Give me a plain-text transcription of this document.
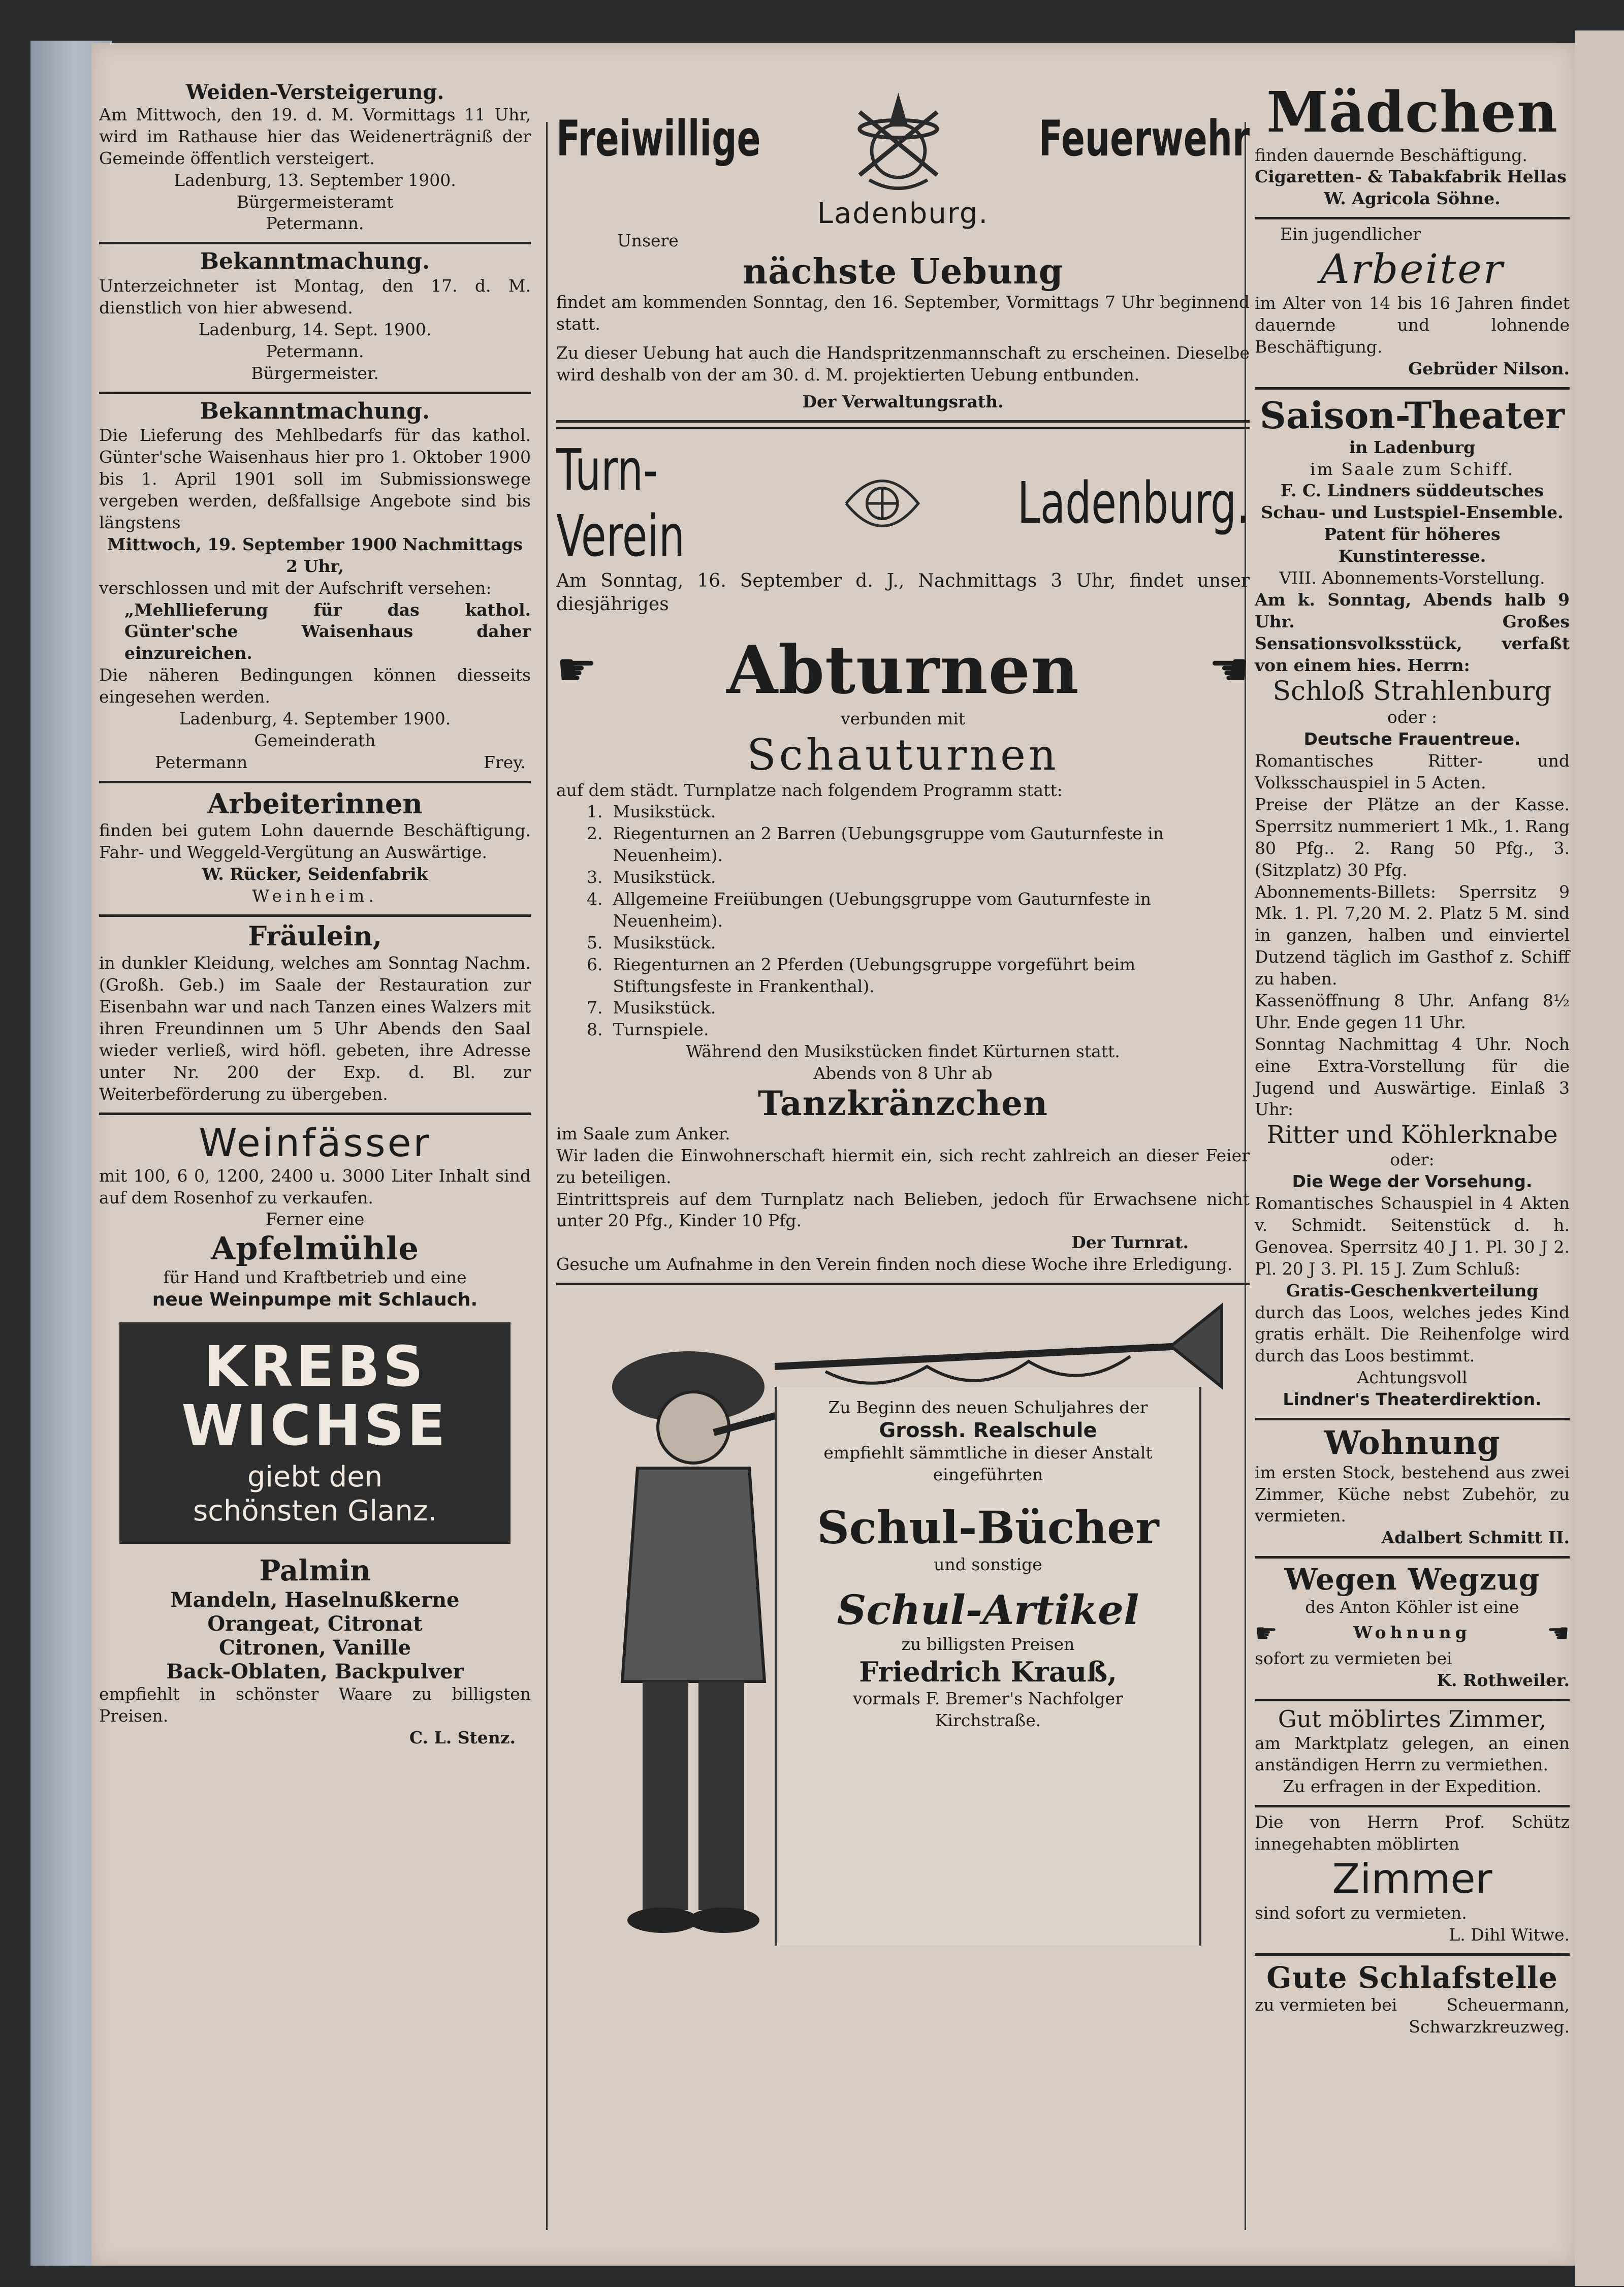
Weiden-Versteigerung.

Am Mittwoch, den 19. d. M. Vormittags 11 Uhr, wird im Rathause hier das Weidenerträgniß der Gemeinde öffentlich versteigert.

Ladenburg, 13. September 1900.

Bürgermeisteramt

Petermann.

Bekanntmachung.

Unterzeichneter ist Montag, den 17. d. M. dienstlich von hier abwesend.

Ladenburg, 14. Sept. 1900.

Petermann.

Bürgermeister.

Bekanntmachung.

Die Lieferung des Mehlbedarfs für das kathol. Günter'sche Waisenhaus hier pro 1. Oktober 1900 bis 1. April 1901 soll im Submissionswege vergeben werden, deßfallsige Angebote sind bis längstens

Mittwoch, 19. September 1900 Nachmittags 2 Uhr,

verschlossen und mit der Aufschrift versehen:

„Mehllieferung für das kathol. Günter'sche Waisenhaus daher einzureichen.

Die näheren Bedingungen können diesseits eingesehen werden.

Ladenburg, 4. September 1900.

Gemeinderath

Petermann	Frey.

Arbeiterinnen

finden bei gutem Lohn dauernde Beschäftigung. Fahr- und Weggeld-Vergütung an Auswärtige.

W. Rücker, Seidenfabrik

Weinheim.

Fräulein,

in dunkler Kleidung, welches am Sonntag Nachm. (Großh. Geb.) im Saale der Restauration zur Eisenbahn war und nach Tanzen eines Walzers mit ihren Freundinnen um 5 Uhr Abends den Saal wieder verließ, wird höfl. gebeten, ihre Adresse unter Nr. 200 der Exp. d. Bl. zur Weiterbeförderung zu übergeben.

Weinfässer

mit 100, 6 0, 1200, 2400 u. 3000 Liter Inhalt sind auf dem Rosenhof zu verkaufen.

Ferner eine

Apfelmühle

für Hand und Kraftbetrieb und eine

neue Weinpumpe mit Schlauch.

KREBS

WICHSE

giebt den

schönsten Glanz.

Palmin

Mandeln, Haselnußkerne

Orangeat, Citronat

Citronen, Vanille

Back-Oblaten, Backpulver

empfiehlt in schönster Waare zu billigsten Preisen.

C. L. Stenz.

Freiwillige	Feuerwehr

Ladenburg.

Unsere

nächste Uebung

findet am kommenden Sonntag, den 16. September, Vormittags 7 Uhr beginnend statt.

Zu dieser Uebung hat auch die Handspritzenmannschaft zu erscheinen. Dieselbe wird deshalb von der am 30. d. M. projektierten Uebung entbunden.

Der Verwaltungsrath.

Turn-Verein	Ladenburg.

Am Sonntag, 16. September d. J., Nachmittags 3 Uhr, findet unser diesjähriges

☛ Abturnen	☚

verbunden mit

Schauturnen

auf dem städt. Turnplatze nach folgendem Programm statt:

1. Musikstück.
2. Riegenturnen an 2 Barren (Uebungsgruppe vom Gauturnfeste in Neuenheim).
3. Musikstück.
4. Allgemeine Freiübungen (Uebungsgruppe vom Gauturnfeste in Neuenheim).
5. Musikstück.
6. Riegenturnen an 2 Pferden (Uebungsgruppe vorgeführt beim Stiftungsfeste in Frankenthal).
7. Musikstück.
8. Turnspiele.

Während den Musikstücken findet Kürturnen statt.

Abends von 8 Uhr ab

Tanzkränzchen

im Saale zum Anker.

Wir laden die Einwohnerschaft hiermit ein, sich recht zahlreich an dieser Feier zu beteiligen.

Eintrittspreis auf dem Turnplatz nach Belieben, jedoch für Erwachsene nicht unter 20 Pfg., Kinder 10 Pfg.

Der Turnrat.

Gesuche um Aufnahme in den Verein finden noch diese Woche ihre Erledigung.

Zu Beginn des neuen Schuljahres der

Grossh. Realschule

empfiehlt sämmtliche in dieser Anstalt eingeführten

Schul-Bücher

und sonstige

Schul-Artikel

zu billigsten Preisen

Friedrich Krauß,

vormals F. Bremer's Nachfolger

Kirchstraße.

Mädchen

finden dauernde Beschäftigung.

Cigaretten- & Tabakfabrik Hellas

W. Agricola Söhne.

Ein jugendlicher

Arbeiter

im Alter von 14 bis 16 Jahren findet dauernde und lohnende Beschäftigung.

Gebrüder Nilson.

Saison-Theater

in Ladenburg

im Saale zum Schiff.

F. C. Lindners süddeutsches Schau- und Lustspiel-Ensemble.

Patent für höheres Kunstinteresse.

VIII. Abonnements-Vorstellung.

Am k. Sonntag, Abends halb 9 Uhr. Großes Sensationsvolksstück, verfaßt von einem hies. Herrn:

Schloß Strahlenburg

oder :

Deutsche Frauentreue.

Romantisches Ritter- und Volksschauspiel in 5 Acten.

Preise der Plätze an der Kasse. Sperrsitz nummeriert 1 Mk., 1. Rang 80 Pfg.. 2. Rang 50 Pfg., 3. (Sitzplatz) 30 Pfg.

Abonnements-Billets: Sperrsitz 9 Mk. 1. Pl. 7,20 M. 2. Platz 5 M. sind in ganzen, halben und einviertel Dutzend täglich im Gasthof z. Schiff zu haben.

Kassenöffnung 8 Uhr. Anfang 8½ Uhr. Ende gegen 11 Uhr.

Sonntag Nachmittag 4 Uhr. Noch eine Extra-Vorstellung für die Jugend und Auswärtige. Einlaß 3 Uhr:

Ritter und Köhlerknabe

oder:

Die Wege der Vorsehung.

Romantisches Schauspiel in 4 Akten v. Schmidt. Seitenstück d. h. Genovea. Sperrsitz 40 J 1. Pl. 30 J 2. Pl. 20 J 3. Pl. 15 J. Zum Schluß:

Gratis-Geschenkverteilung

durch das Loos, welches jedes Kind gratis erhält. Die Reihenfolge wird durch das Loos bestimmt.

Achtungsvoll

Lindner's Theaterdirektion.

Wohnung

im ersten Stock, bestehend aus zwei Zimmer, Küche nebst Zubehör, zu vermieten.

Adalbert Schmitt II.

Wegen Wegzug

des Anton Köhler ist eine

☛	Wohnung	☚

sofort zu vermieten bei

K. Rothweiler.

Gut möblirtes Zimmer,

am Marktplatz gelegen, an einen anständigen Herrn zu vermiethen.

Zu erfragen in der Expedition.

Die von Herrn Prof. Schütz innegehabten möblirten

Zimmer

sind sofort zu vermieten.

L. Dihl Witwe.

Gute Schlafstelle

zu vermieten bei	Scheuermann,

Schwarzkreuzweg.
